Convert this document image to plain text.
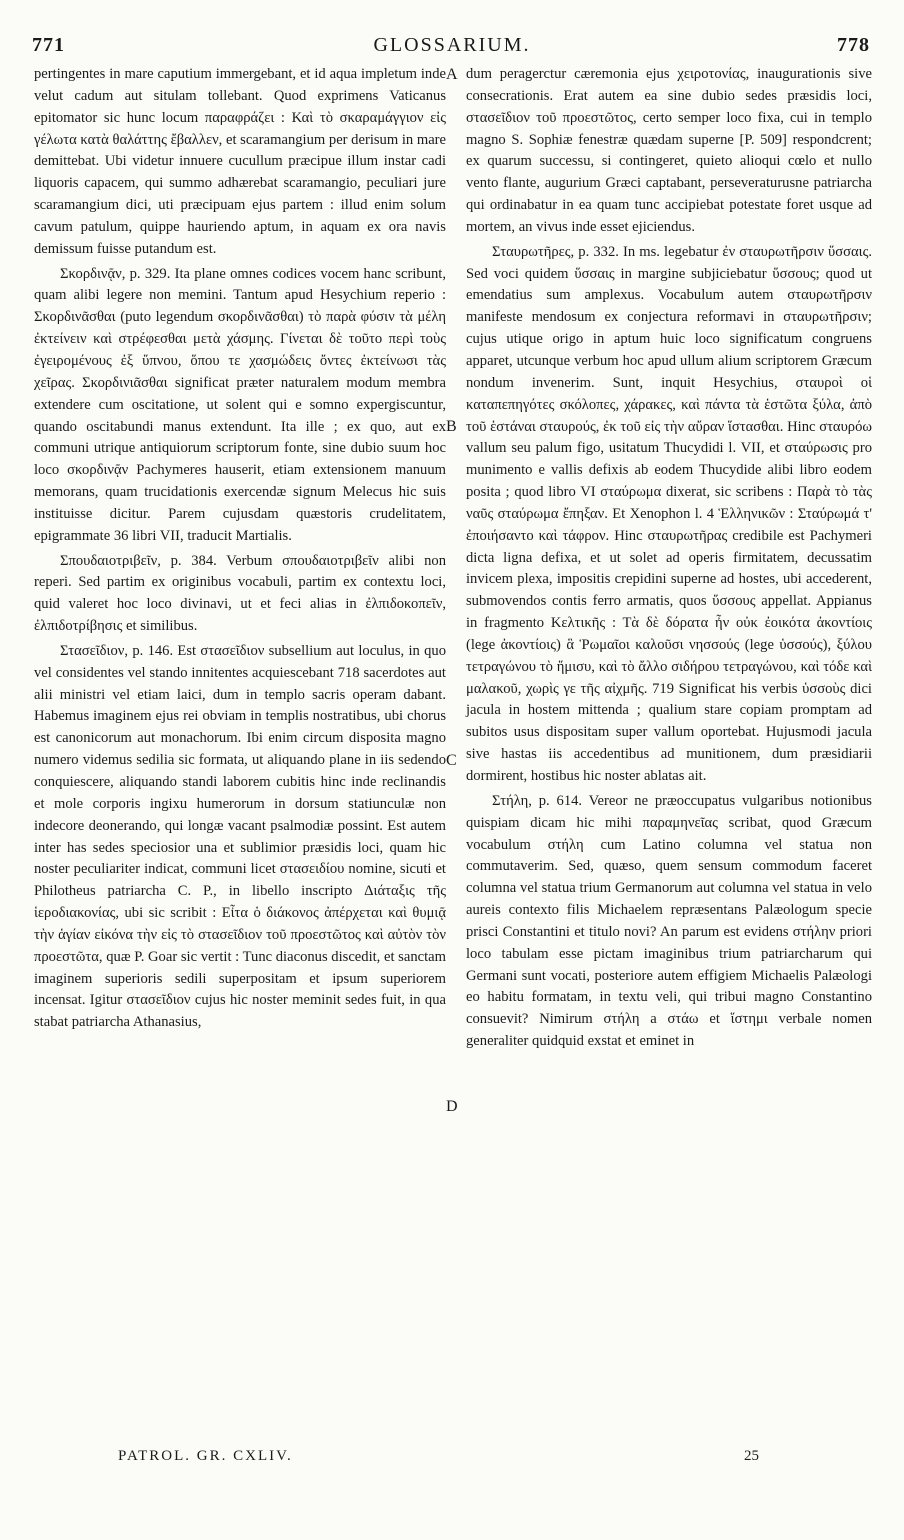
771	GLOSSARIUM.	778

pertingentes in mare caputium immergebant, et id aqua impletum inde velut cadum aut situlam tollebant. Quod exprimens Vaticanus epitomator sic hunc locum παραφράζει : Καὶ τὸ σκαραμάγγιον εἰς γέλωτα κατὰ θαλάττης ἔβαλλεν, et scaramangium per derisum in mare demittebat. Ubi videtur innuere cucullum præcipue illum instar cadi liquoris capacem, qui summo adhærebat scaramangio, peculiari jure scaramangium dici, uti præcipuam ejus partem : illud enim solum cavum patulum, quippe hauriendo aptum, in aquam ex ora navis demissum fuisse putandum est.

Σκορδινᾷν, p. 329. Ita plane omnes codices vocem hanc scribunt, quam alibi legere non memini. Tantum apud Hesychium reperio : Σκορδινᾶσθαι (puto legendum σκορδινᾶσθαι) τὸ παρὰ φύσιν τὰ μέλη ἐκτείνειν καὶ στρέφεσθαι μετὰ χάσμης. Γίνεται δὲ τοῦτο περὶ τοὺς ἐγειρομένους ἐξ ὕπνου, ὅπου τε χασμώδεις ὄντες ἐκτείνωσι τὰς χεῖρας. Σκορδινιᾶσθαι significat præter naturalem modum membra extendere cum oscitatione, ut solent qui e somno expergiscuntur, quando oscitabundi manus extendunt. Ita ille ; ex quo, aut ex communi utrique antiquiorum scriptorum fonte, sine dubio suum hoc loco σκορδινᾷν Pachymeres hauserit, etiam extensionem manuum memorans, quam trucidationis exercendæ signum Melecus hic suis instituisse dicitur. Parem cujusdam quæstoris crudelitatem, epigrammate 36 libri VII, traducit Martialis.

Σπουδαιοτριβεῖν, p. 384. Verbum σπουδαιοτριβεῖν alibi non reperi. Sed partim ex originibus vocabuli, partim ex contextu loci, quid valeret hoc loco divinavi, ut et feci alias in ἐλπιδοκοπεῖν, ἐλπιδοτρίβησις et similibus.

Στασεῖδιον, p. 146. Est στασεῖδιον subsellium aut loculus, in quo vel considentes vel stando innitentes acquiescebant 718 sacerdotes aut alii ministri vel etiam laici, dum in templo sacris operam dabant. Habemus imaginem ejus rei obviam in templis nostratibus, ubi chorus est canonicorum aut monachorum. Ibi enim circum disposita magno numero videmus sedilia sic formata, ut aliquando plane in iis sedendo conquiescere, aliquando standi laborem cubitis hinc inde reclinandis et mole corporis ingixu humerorum in dorsum statiunculæ non indecore deonerando, qui longæ vacant psalmodiæ possint. Est autem inter has sedes speciosior una et sublimior præsidis loci, quam hic noster peculiariter indicat, communi licet στασειδίου nomine, sicuti et Philotheus patriarcha C. P., in libello inscripto Διάταξις τῆς ἱεροδιακονίας, ubi sic scribit : Εἶτα ὁ διάκονος ἀπέρχεται καὶ θυμιᾷ τὴν ἁγίαν εἰκόνα τὴν εἰς τὸ στασεῖδιον τοῦ προεστῶτος καὶ αὐτὸν τὸν προεστῶτα, quæ P. Goar sic vertit : Tunc diaconus discedit, et sanctam imaginem superioris sedili superpositam et ipsum superiorem incensat. Igitur στασεῖδιον cujus hic noster meminit sedes fuit, in qua stabat patriarcha Athanasius,

A
B
C
D

dum peragerctur cæremonia ejus χειροτονίας, inaugurationis sive consecrationis. Erat autem ea sine dubio sedes præsidis loci, στασεῖδιον τοῦ προεστῶτος, certo semper loco fixa, cui in templo magno S. Sophiæ fenestræ quædam superne [P. 509] respondcrent; ex quarum successu, si contingeret, quieto alioqui cœlo et nullo vento flante, augurium Græci captabant, perseveraturusne patriarcha qui ordinabatur in ea quam tunc accipiebat potestate foret usque ad mortem, an vivus inde esset ejiciendus.

Σταυρωτῆρες, p. 332. In ms. legebatur ἐν σταυρωτῆρσιν ὕσσαις. Sed voci quidem ὕσσαις in margine subjiciebatur ὕσσους; quod ut emendatius sum amplexus. Vocabulum autem σταυρωτῆρσιν manifeste mendosum ex conjectura reformavi in σταυρωτῆρσιν; cujus utique origo in aptum huic loco significatum congruens apparet, utcunque verbum hoc apud ullum alium scriptorem Græcum nondum invenerim. Sunt, inquit Hesychius, σταυροὶ οἱ καταπεπηγότες σκόλοπες, χάρακες, καὶ πάντα τὰ ἑστῶτα ξύλα, ἀπὸ τοῦ ἑστάναι σταυρούς, ἐκ τοῦ εἰς τὴν αὔραν ἵστασθαι. Hinc σταυρόω vallum seu palum figo, usitatum Thucydidi l. VII, et σταύρωσις pro munimento e vallis defixis ab eodem Thucydide alibi libro eodem posita ; quod libro VI σταύρωμα dixerat, sic scribens : Παρὰ τὸ τὰς ναῦς σταύρωμα ἔπηξαν. Et Xenophon l. 4 Ἑλληνικῶν : Σταύρωμά τ' ἐποιήσαντο καὶ τάφρον. Hinc σταυρωτῆρας credibile est Pachymeri dicta ligna defixa, et ut solet ad operis firmitatem, decussatim invicem plexa, impositis crepidini superne ad hostes, ubi accederent, submovendos contis ferro armatis, quos ὕσσους appellat. Appianus in fragmento Κελτικῆς : Τὰ δὲ δόρατα ἦν οὐκ ἐοικότα ἀκοντίοις (lege ἀκοντίοις) ἃ Ῥωμαῖοι καλοῦσι νησσούς (lege ὑσσούς), ξύλου τετραγώνου τὸ ἥμισυ, καὶ τὸ ἄλλο σιδήρου τετραγώνου, καὶ τόδε καὶ μαλακοῦ, χωρὶς γε τῆς αἰχμῆς. 719 Significat his verbis ὑσσοὺς dici jacula in hostem mittenda ; qualium stare copiam promptam ad subitos usus dispositam super vallum oportebat. Hujusmodi jacula sive hastas iis accedentibus ad munitionem, dum præsidiarii dormirent, hostibus hic noster ablatas ait.

Στήλη, p. 614. Vereor ne præoccupatus vulgaribus notionibus quispiam dicam hic mihi παραμηνεῖας scribat, quod Græcum vocabulum στήλη cum Latino columna vel statua non commutaverim. Sed, quæso, quem sensum commodum faceret columna vel statua trium Germanorum aut columna vel statua in velo aureis contexto filis Michaelem repræsentans Palæologum specie prisci Constantini et titulo novi? An parum est evidens στήλην priori loco tabulam esse pictam imaginibus trium patriarcharum qui Germani sunt vocati, posteriore autem effigiem Michaelis Palæologi eo habitu formatam, in textu veli, qui tribui magno Constantino consuevit? Nimirum στήλη a στάω et ἵστημι verbale nomen generaliter quidquid exstat et eminet in

PATROL. GR. CXLIV.	25
